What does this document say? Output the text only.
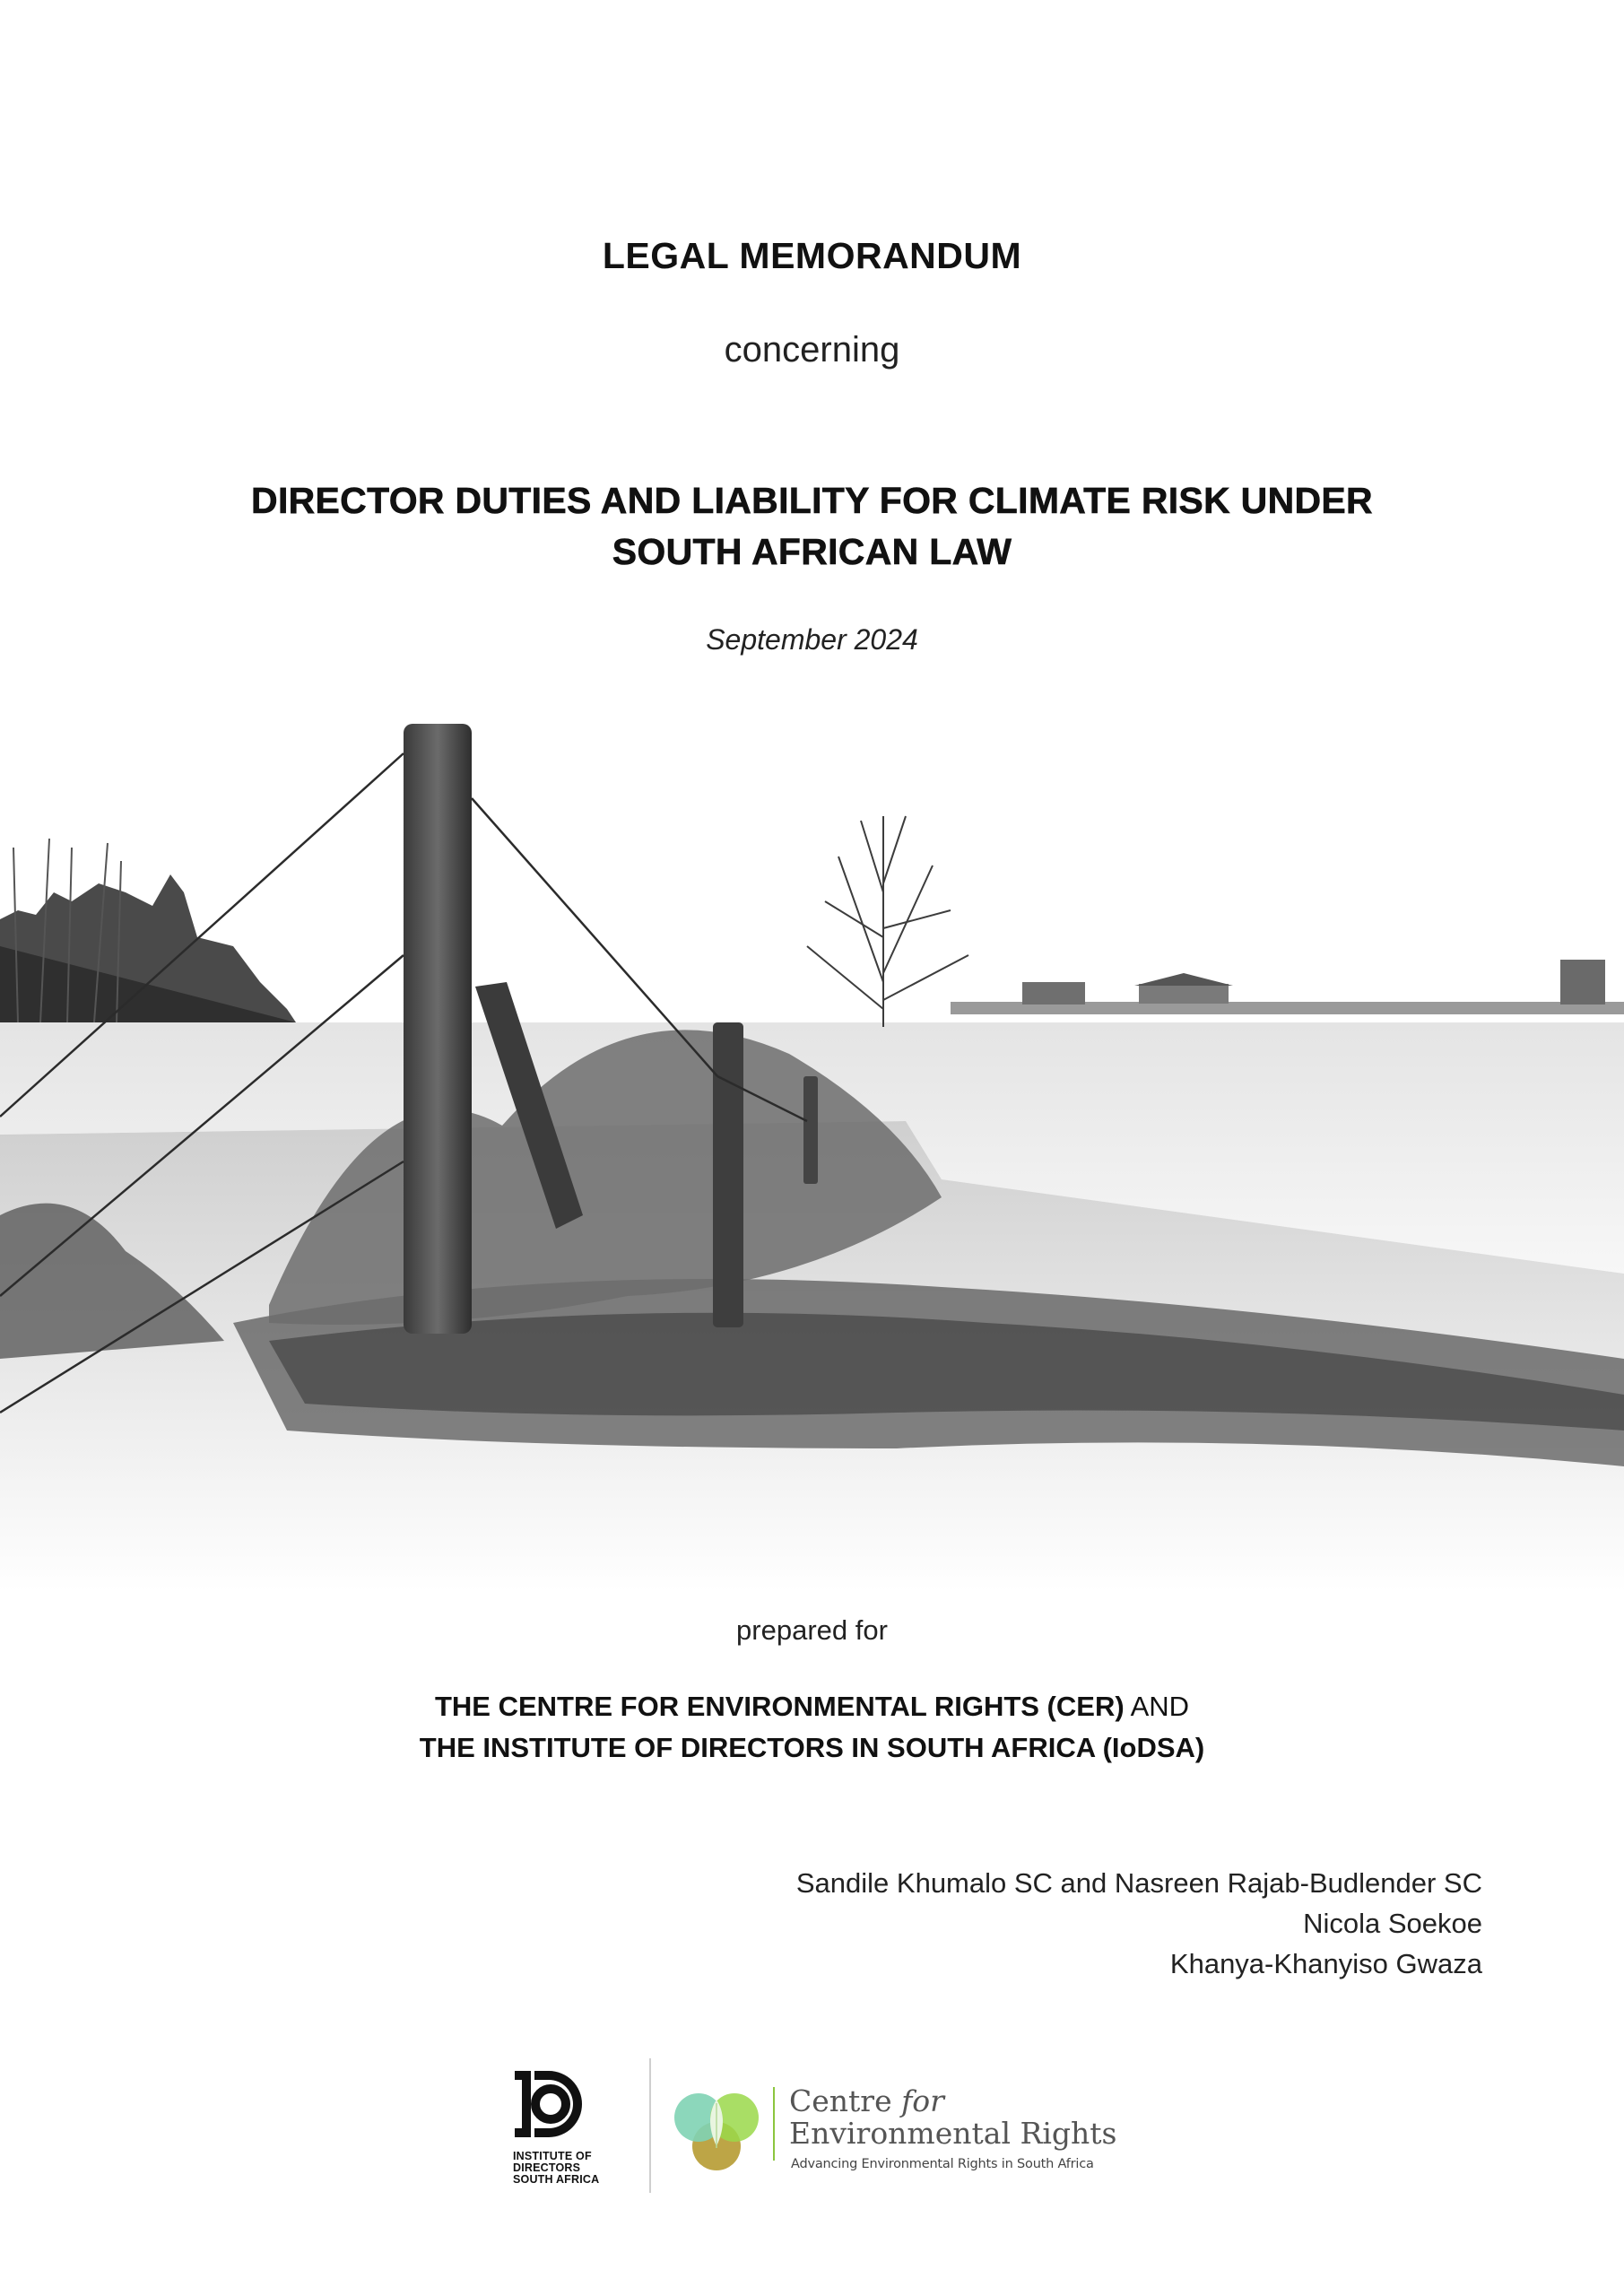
LEGAL MEMORANDUM
concerning
DIRECTOR DUTIES AND LIABILITY FOR CLIMATE RISK UNDER
SOUTH AFRICAN LAW
September 2024
prepared for
THE CENTRE FOR ENVIRONMENTAL RIGHTS (CER) AND
THE INSTITUTE OF DIRECTORS IN SOUTH AFRICA (IoDSA)
Sandile Khumalo SC and Nasreen Rajab-Budlender SC
Nicola Soekoe
Khanya-Khanyiso Gwaza
INSTITUTE OF
DIRECTORS
SOUTH AFRICA
Centre for
Environmental Rights
Advancing Environmental Rights in South Africa
